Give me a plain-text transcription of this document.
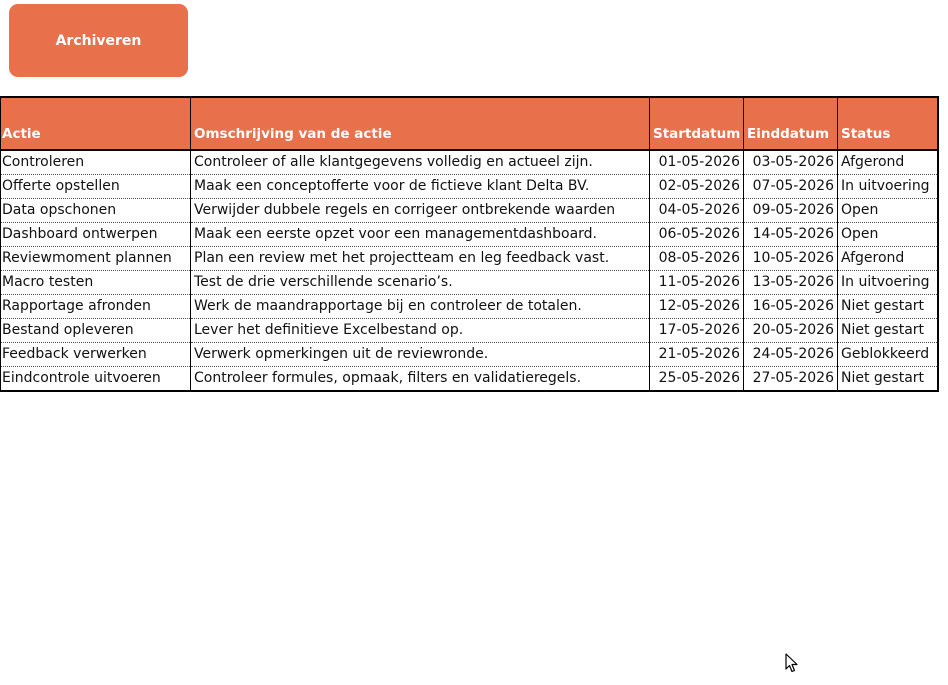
Archiveren
Actie	Omschrijving van de actie	Startdatum	Einddatum	Status
Controleren	Controleer of alle klantgegevens volledig en actueel zijn.	01-05-2026	03-05-2026	Afgerond
Offerte opstellen	Maak een conceptofferte voor de fictieve klant Delta BV.	02-05-2026	07-05-2026	In uitvoering
Data opschonen	Verwijder dubbele regels en corrigeer ontbrekende waarden	04-05-2026	09-05-2026	Open
Dashboard ontwerpen	Maak een eerste opzet voor een managementdashboard.	06-05-2026	14-05-2026	Open
Reviewmoment plannen	Plan een review met het projectteam en leg feedback vast.	08-05-2026	10-05-2026	Afgerond
Macro testen	Test de drie verschillende scenario’s.	11-05-2026	13-05-2026	In uitvoering
Rapportage afronden	Werk de maandrapportage bij en controleer de totalen.	12-05-2026	16-05-2026	Niet gestart
Bestand opleveren	Lever het definitieve Excelbestand op.	17-05-2026	20-05-2026	Niet gestart
Feedback verwerken	Verwerk opmerkingen uit de reviewronde.	21-05-2026	24-05-2026	Geblokkeerd
Eindcontrole uitvoeren	Controleer formules, opmaak, filters en validatieregels.	25-05-2026	27-05-2026	Niet gestart
